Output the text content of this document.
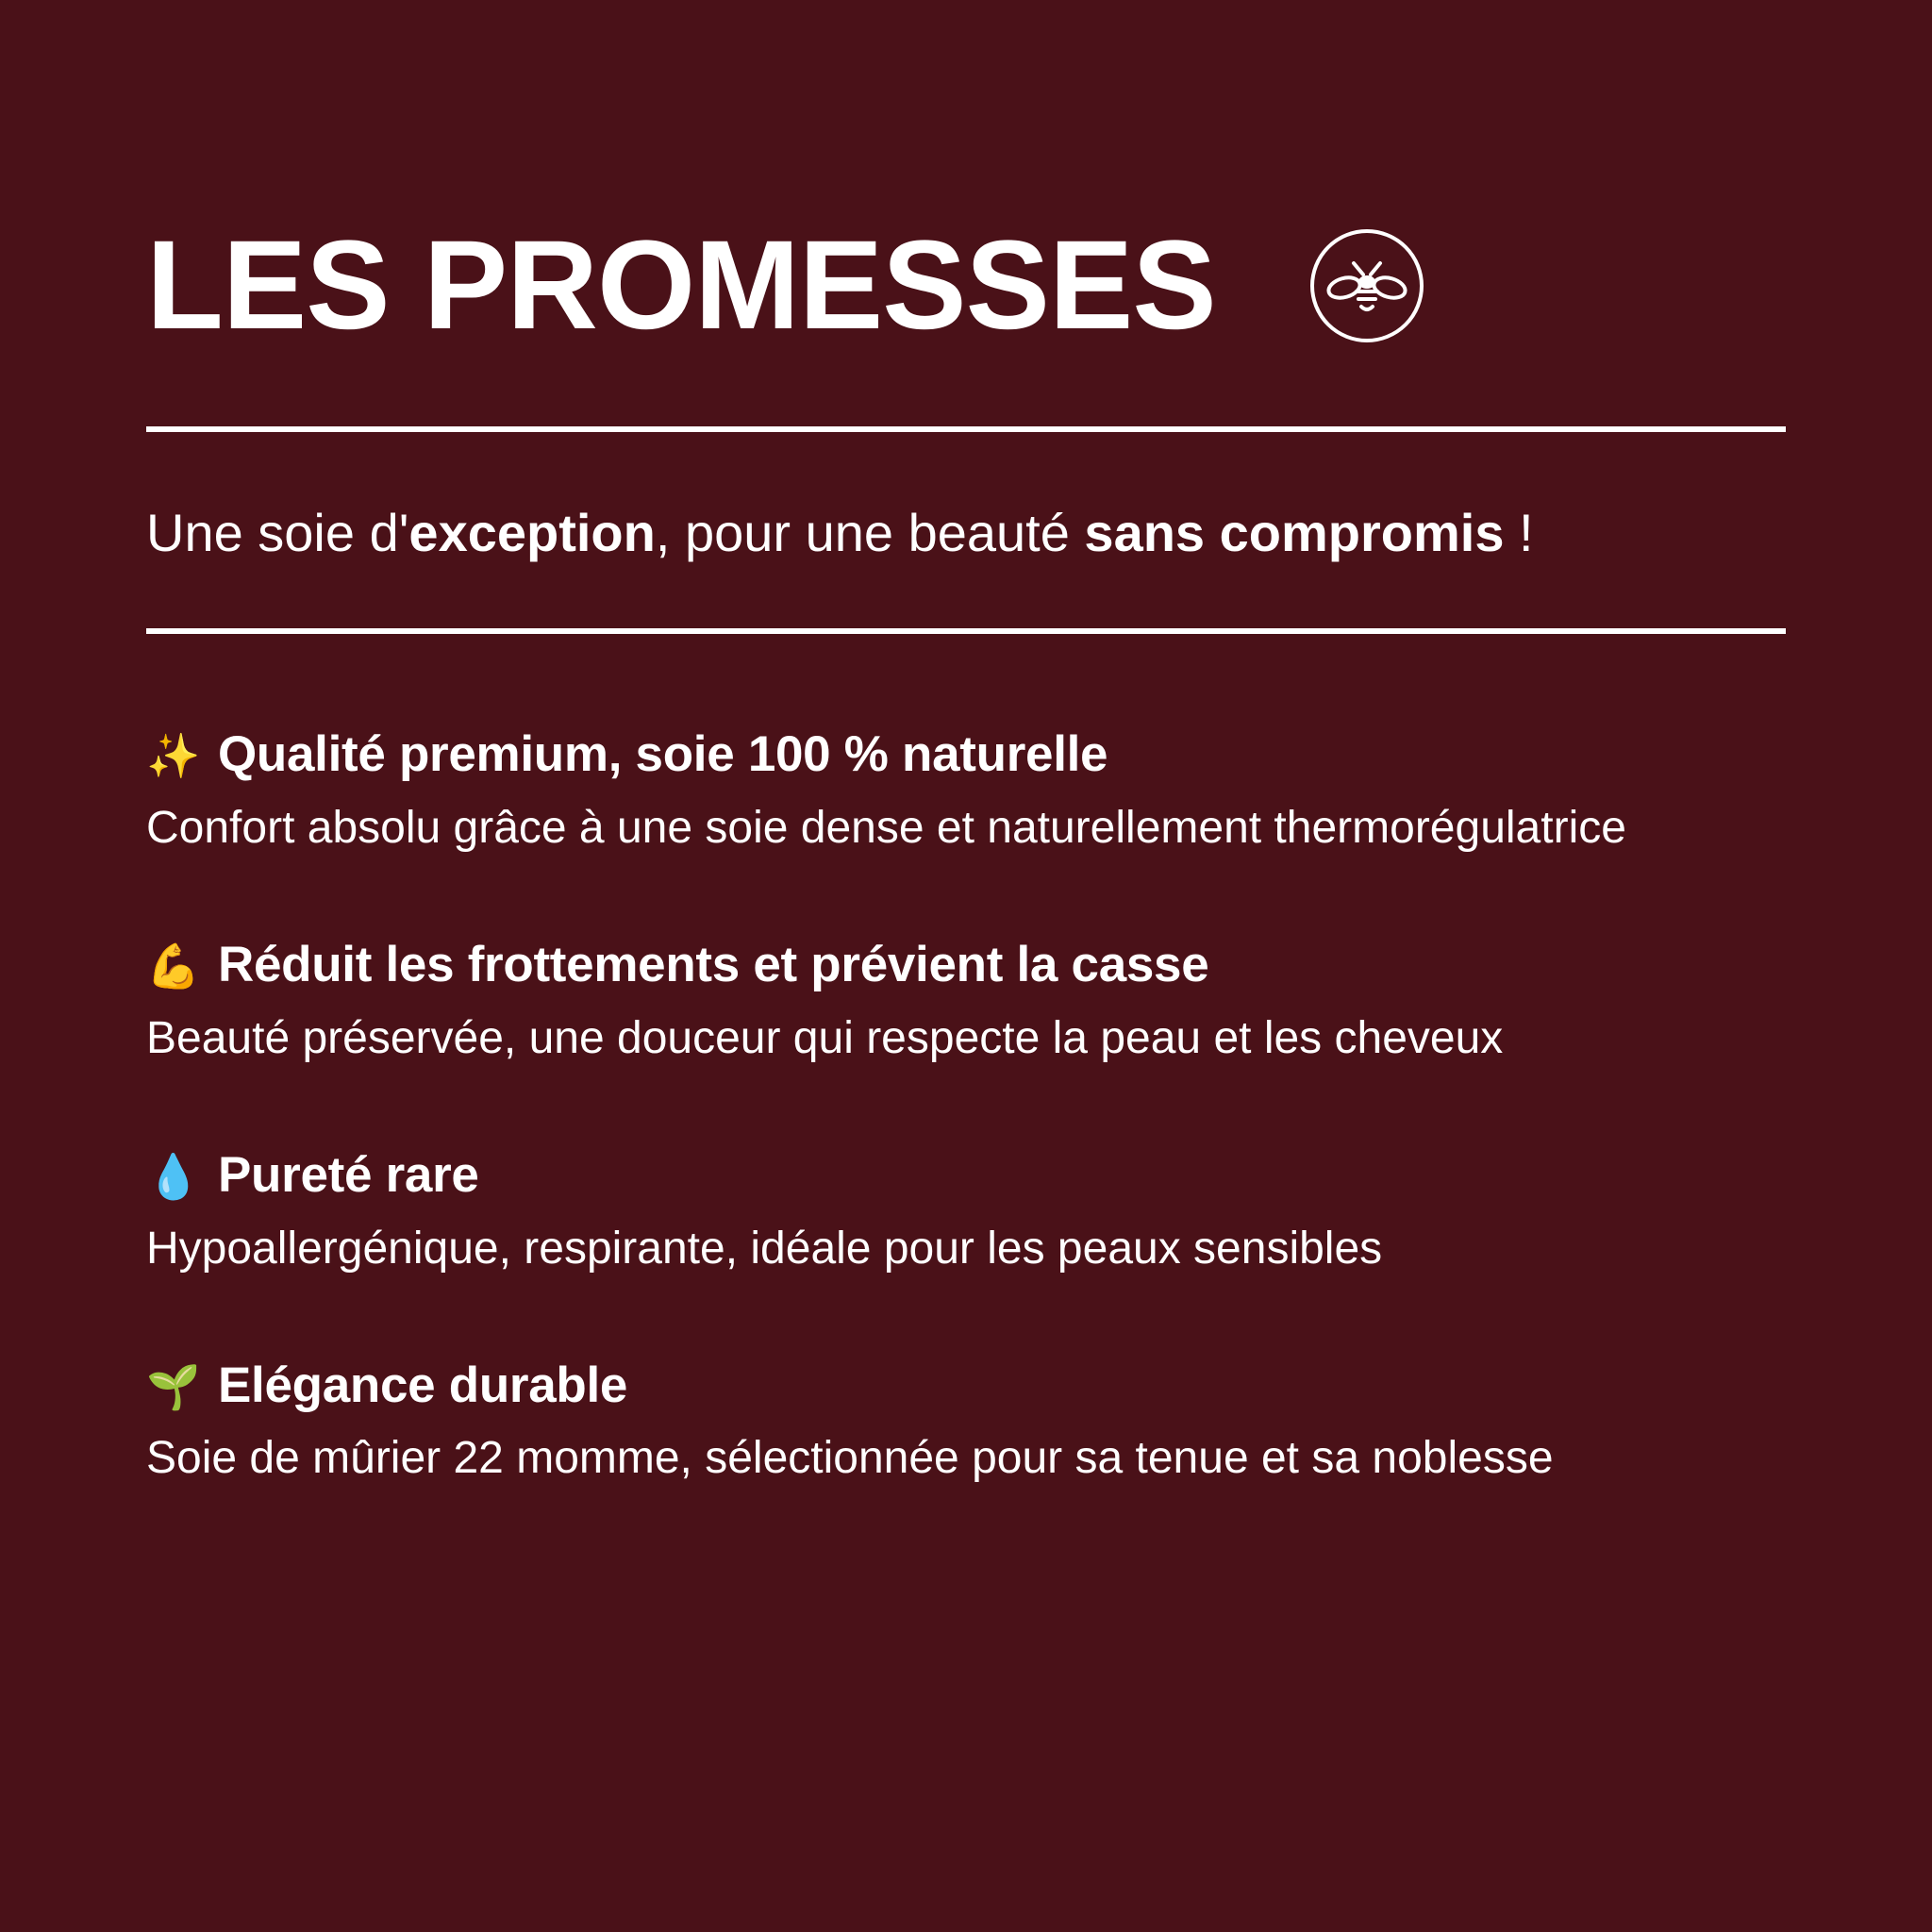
LES PROMESSES
Une soie d'exception, pour une beauté sans compromis !
✨ Qualité premium, soie 100 % naturelle
Confort absolu grâce à une soie dense et naturellement thermorégulatrice
💪 Réduit les frottements et prévient la casse
Beauté préservée, une douceur qui respecte la peau et les cheveux
💧 Pureté rare
Hypoallergénique, respirante, idéale pour les peaux sensibles
🌱 Elégance durable
Soie de mûrier 22 momme, sélectionnée pour sa tenue et sa noblesse
